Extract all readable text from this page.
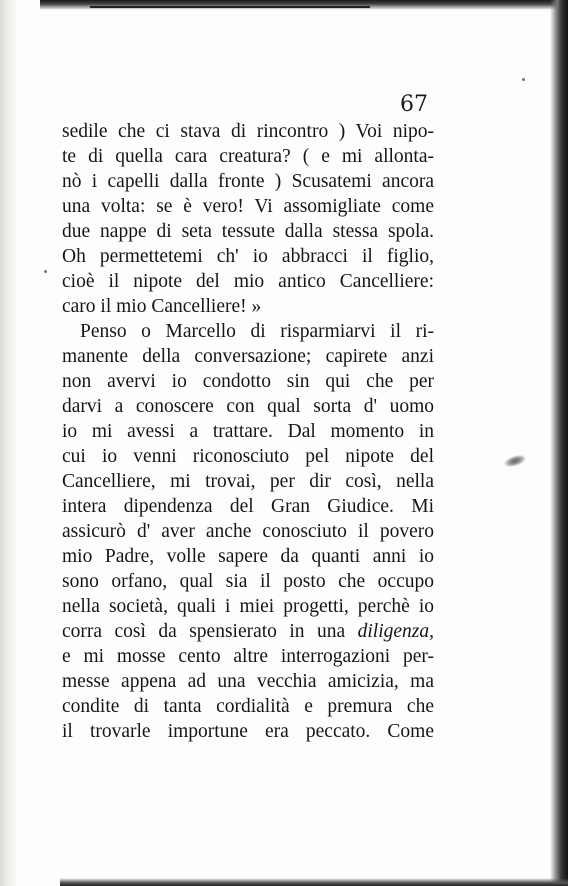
67

sedile che ci stava di rincontro ) Voi nipo-

te di quella cara creatura? ( e mi allonta-

nò i capelli dalla fronte ) Scusatemi ancora

una volta: se è vero! Vi assomigliate come

due nappe di seta tessute dalla stessa spola.

Oh permettetemi ch' io abbracci il figlio,

cioè il nipote del mio antico Cancelliere:

caro il mio Cancelliere! »

Penso o Marcello di risparmiarvi il ri-

manente della conversazione; capirete anzi

non avervi io condotto sin qui che per

darvi a conoscere con qual sorta d' uomo

io mi avessi a trattare. Dal momento in

cui io venni riconosciuto pel nipote del

Cancelliere, mi trovai, per dir così, nella

intera dipendenza del Gran Giudice. Mi

assicurò d' aver anche conosciuto il povero

mio Padre, volle sapere da quanti anni io

sono orfano, qual sia il posto che occupo

nella società, quali i miei progetti, perchè io

corra così da spensierato in una diligenza,

e mi mosse cento altre interrogazioni per-

messe appena ad una vecchia amicizia, ma

condite di tanta cordialità e premura che

il trovarle importune era peccato. Come
